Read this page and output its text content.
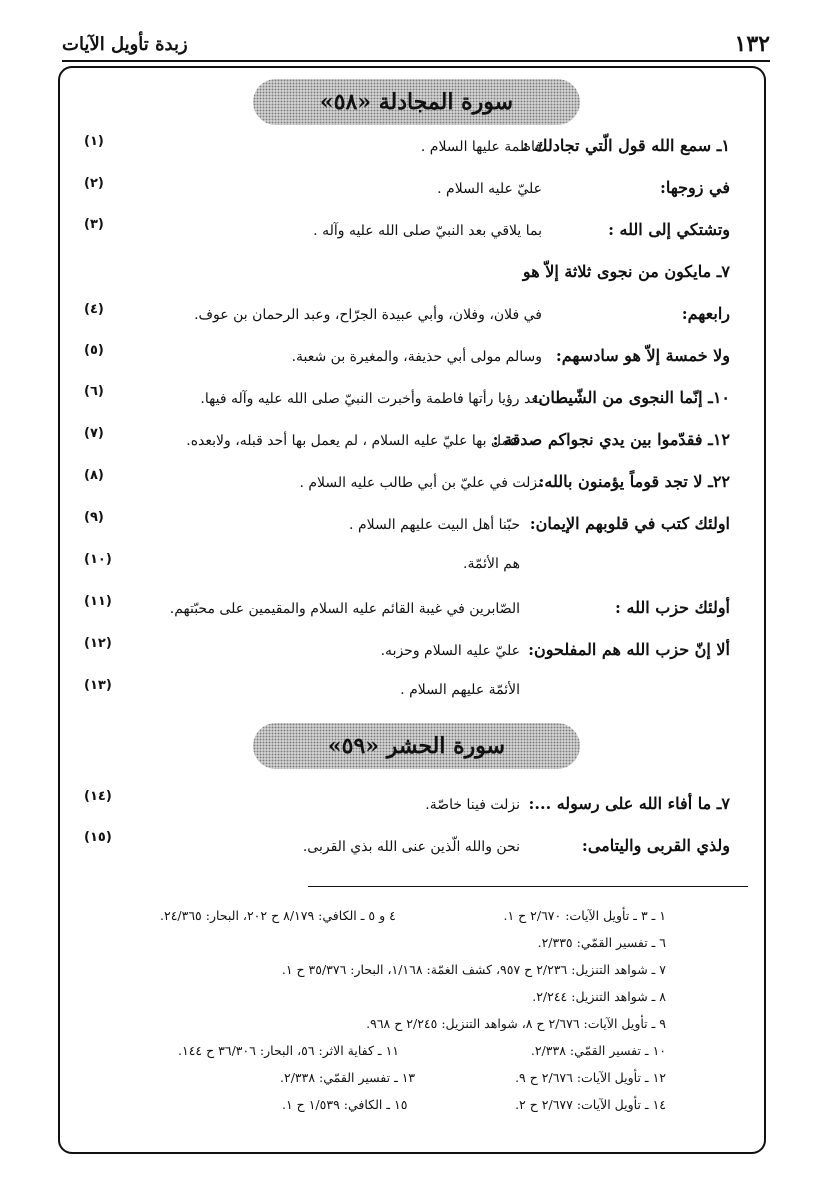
١٣٢
زبدة تأويل الآيات
سورة المجادلة «٥٨»
سورة الحشر «٥٩»
١ـ سمع الله قول الّتي تجادلك :
فاطمة عليها السلام .
في زوجها:
عليّ عليه السلام .
وتشتكي إلى الله :
بما يلاقي بعد النبيّ صلى الله عليه وآله .
٧ـ مايكون من نجوى ثلاثة إلاّ هو
رابعهم:
في فلان، وفلان، وأبي عبيدة الجرّاح، وعبد الرحمان بن عوف.
ولا خمسة إلاّ هو سادسهم:
وسالم مولى أبي حذيفة، والمغيرة بن شعبة.
١٠ـ إنّما النجوى من الشّيطان:
بعد رؤيا رأتها فاطمة وأخبرت النبيّ صلى الله عليه وآله فيها.
١٢ـ فقدّموا بين يدي نجواكم صدقة :
عمل بها عليّ عليه السلام ، لم يعمل بها أحد قبله، ولابعده.
٢٢ـ لا تجد قوماً يؤمنون بالله:
نزلت في عليّ بن أبي طالب عليه السلام .
اولئك كتب في قلوبهم الإيمان:
حبّنا أهل البيت عليهم السلام .
هم الأئمّة.
أولئك حزب الله :
الصّابرين في غيبة القائم عليه السلام والمقيمين على محبّتهم.
ألا إنّ حزب الله هم المفلحون:
عليّ عليه السلام وحزبه.
الأئمّة عليهم السلام .
٧ـ ما أفاء الله على رسوله ...:
نزلت فينا خاصّة.
ولذي القربى واليتامى:
نحن والله الّذين عنى الله بذي القربى.
(١)
(٢)
(٣)
(٤)
(٥)
(٦)
(٧)
(٨)
(٩)
(١٠)
(١١)
(١٢)
(١٣)
(١٤)
(١٥)
١ ـ ٣ ـ تأويل الآيات: ٢/٦٧٠ ح ١.
٤ و ٥ ـ الكافي: ٨/١٧٩ ح ٢٠٢، البحار: ٢٤/٣٦٥.
٦ ـ تفسير القمّي: ٢/٣٣٥.
٧ ـ شواهد التنزيل: ٢/٢٣٦ ح ٩٥٧، كشف الغمّة: ١/١٦٨، البحار: ٣٥/٣٧٦ ح ١.
٨ ـ شواهد التنزيل: ٢/٢٤٤.
٩ ـ تأويل الآيات: ٢/٦٧٦ ح ٨، شواهد التنزيل: ٢/٢٤٥ ح ٩٦٨.
١٠ ـ تفسير القمّي: ٢/٣٣٨.
١١ ـ كفاية الاثر: ٥٦، البحار: ٣٦/٣٠٦ ح ١٤٤.
١٢ ـ تأويل الآيات: ٢/٦٧٦ ح ٩.
١٣ ـ تفسير القمّي: ٢/٣٣٨.
١٤ ـ تأويل الآيات: ٢/٦٧٧ ح ٢.
١٥ ـ الكافي: ١/٥٣٩ ح ١.
